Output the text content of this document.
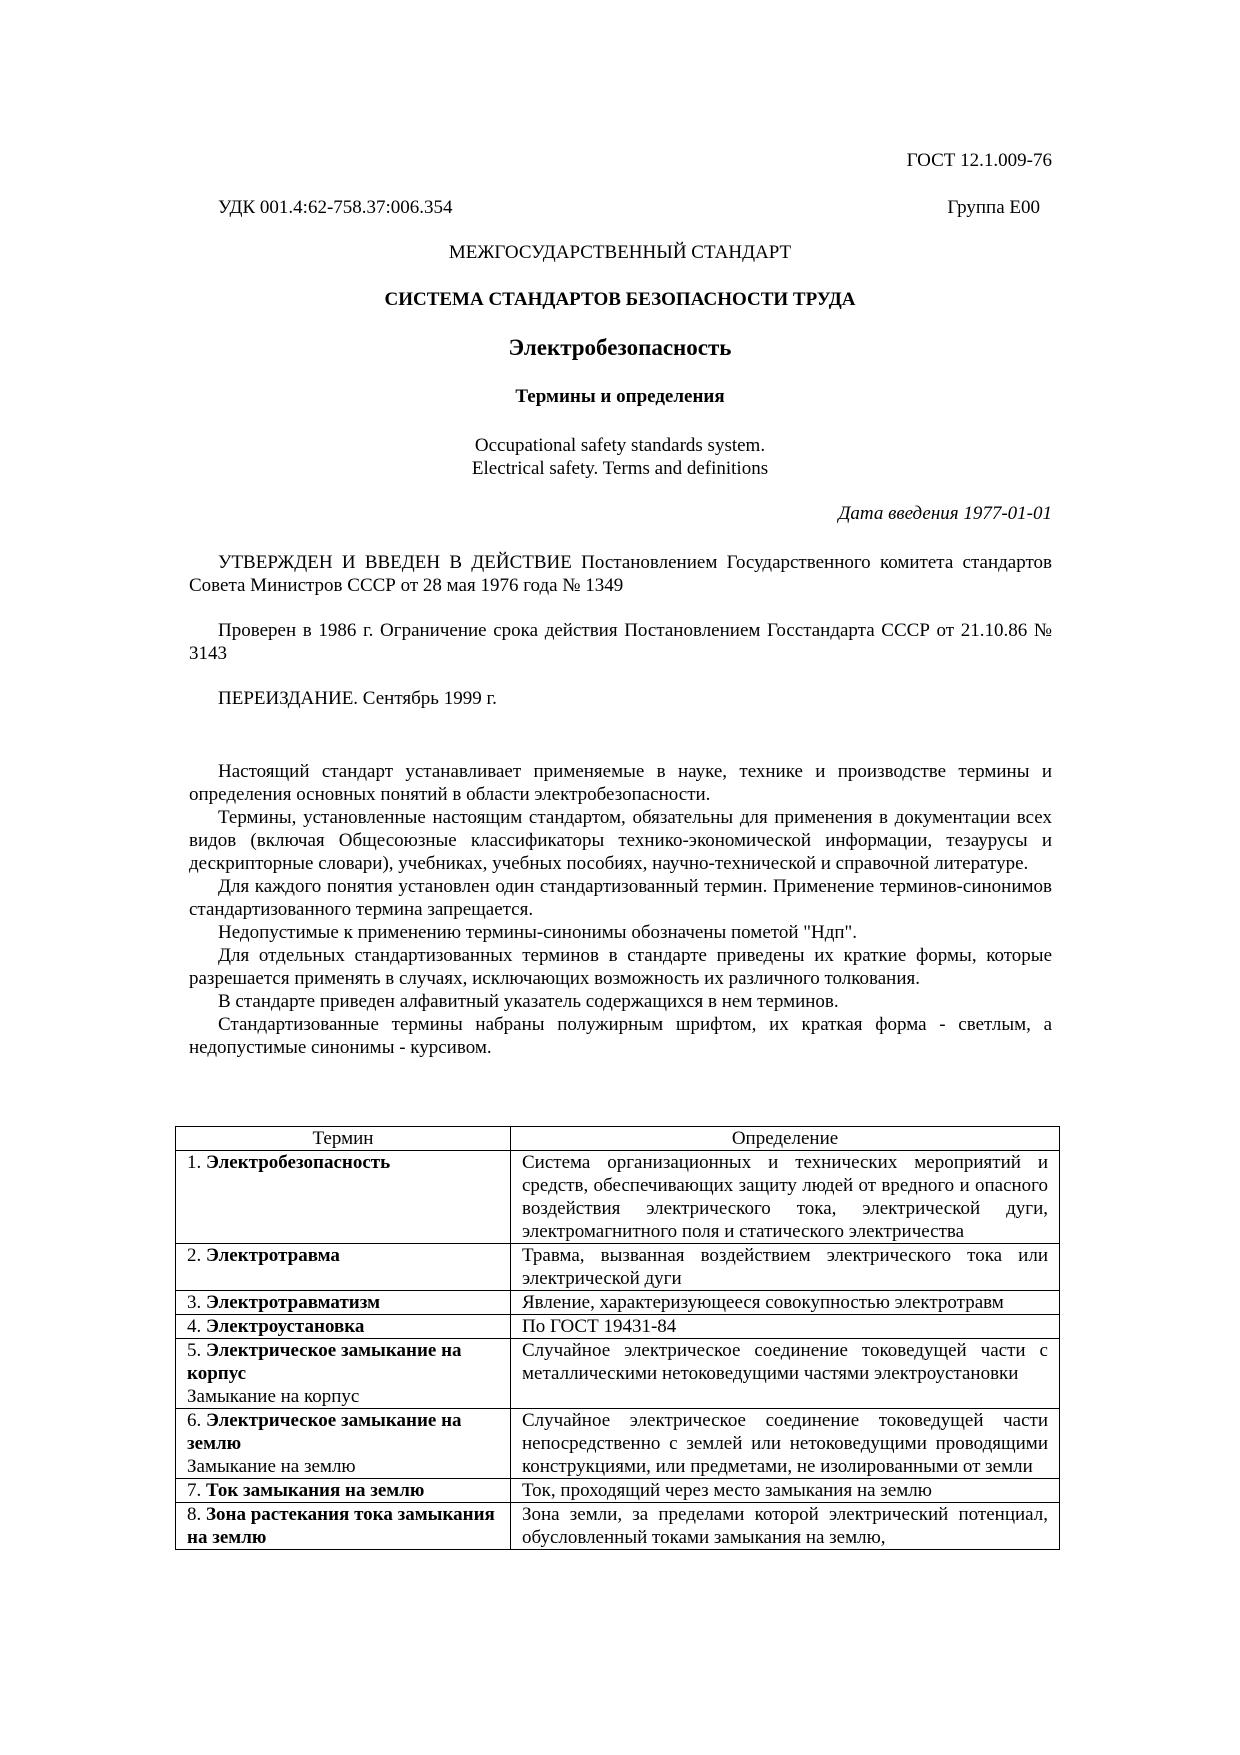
ГОСТ 12.1.009-76
УДК 001.4:62-758.37:006.354	Группа Е00
МЕЖГОСУДАРСТВЕННЫЙ СТАНДАРТ
СИСТЕМА СТАНДАРТОВ БЕЗОПАСНОСТИ ТРУДА
Электробезопасность
Термины и определения
Occupational safety standards system.
Electrical safety. Terms and definitions
Дата введения 1977-01-01
УТВЕРЖДЕН И ВВЕДЕН В ДЕЙСТВИЕ Постановлением Государственного комитета стандартов Совета Министров СССР от 28 мая 1976 года № 1349
Проверен в 1986 г. Ограничение срока действия Постановлением Госстандарта СССР от 21.10.86 № 3143
ПЕРЕИЗДАНИЕ. Сентябрь 1999 г.

Настоящий стандарт устанавливает применяемые в науке, технике и производстве термины и определения основных понятий в области электробезопасности.

Термины, установленные настоящим стандартом, обязательны для применения в документации всех видов (включая Общесоюзные классификаторы технико-экономической информации, тезаурусы и дескрипторные словари), учебниках, учебных пособиях, научно-технической и справочной литературе.

Для каждого понятия установлен один стандартизованный термин. Применение терминов-синонимов стандартизованного термина запрещается.

Недопустимые к применению термины-синонимы обозначены пометой "Ндп".

Для отдельных стандартизованных терминов в стандарте приведены их краткие формы, которые разрешается применять в случаях, исключающих возможность их различного толкования.

В стандарте приведен алфавитный указатель содержащихся в нем терминов.

Стандартизованные термины набраны полужирным шрифтом, их краткая форма - светлым, а недопустимые синонимы - курсивом.

Термин	Определение
1. Электробезопасность	Система организационных и технических мероприятий и средств, обеспечивающих защиту людей от вредного и опасного воздействия электрического тока, электрической дуги, электромагнитного поля и статического электричества
2. Электротравма	Травма, вызванная воздействием электрического тока или электрической дуги
3. Электротравматизм	Явление, характеризующееся совокупностью электротравм
4. Электроустановка	По ГОСТ 19431-84
5. Электрическое замыкание на корпус
Замыкание на корпус	Случайное электрическое соединение токоведущей части с металлическими нетоковедущими частями электроустановки
6. Электрическое замыкание на землю
Замыкание на землю	Случайное электрическое соединение токоведущей части непосредственно с землей или нетоковедущими проводящими конструкциями, или предметами, не изолированными от земли
7. Ток замыкания на землю	Ток, проходящий через место замыкания на землю
8. Зона растекания тока замыкания на землю	Зона земли, за пределами которой электрический потенциал, обусловленный токами замыкания на землю,
